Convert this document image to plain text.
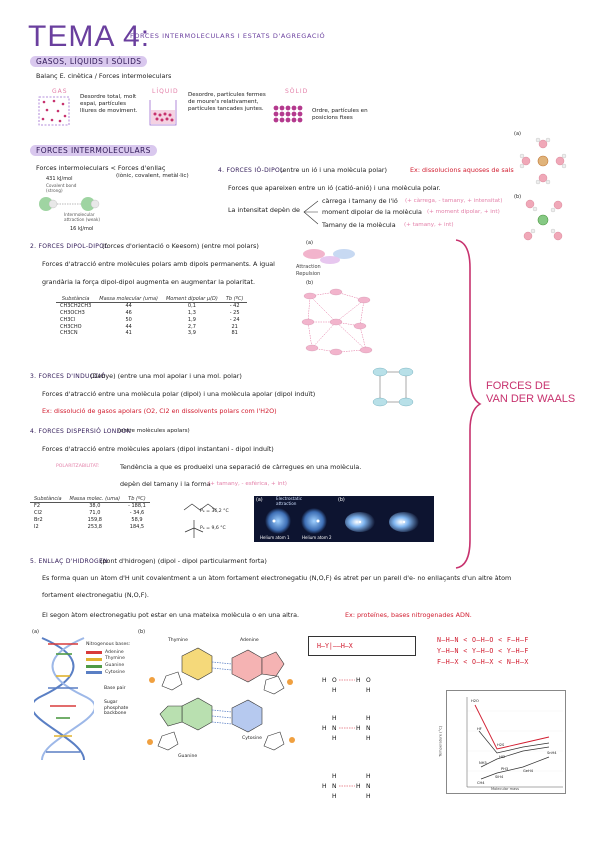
TEMA 4:
FORCES INTERMOLECULARS I ESTATS D'AGREGACIÓ
GASOS, LÍQUIDS I SÒLIDS
Balanç E. cinètica / Forces intermoleculars
GAS
Desordre total, molt espai, partícules lliures de moviment.
LÍQUID Desordre, partícules fermes de moure's relativament, partícules tancades juntes.
SÒLID
Ordre, partícules en posicions fixes
FORCES INTERMOLECULARS
Forces intermoleculars < Forces d'enllaç
(iònic, covalent, metàl·lic)
431 kJ/mol
Covalent bond (strong)
Intermolecular attraction (weak)
16 kJ/mol
4. FORCES IÓ-DIPOL
(entre un ió i una molècula polar)	Ex: dissolucions aquoses de sals
Forces que apareixen entre un ió (catió-anió) i una molècula polar.
La intensitat depèn de
càrrega i tamany de l'ió (+ càrrega, - tamany, + intensitat)
moment dipolar de la molècula (+ moment dipolar, + int)
Tamany de la molècula (+ tamany, + int)
(a)
(b)
2. FORCES DIPOL-DIPOL
(forces d'orientació o Keesom) (entre mol polars)
Forces d'atracció entre molècules polars amb dipols permanents. A igual
grandària la força dipol-dipol augmenta en augmentar la polaritat.
Substància	Massa molecular (uma)	Moment dipolar μ(D)	Tb (ºC)
CH3CH2CH3	44	0,1	- 42
CH3OCH3	46	1,3	- 25
CH3Cl	50	1,9	- 24
CH3CHO	44	2,7	21
CH3CN	41	3,9	81
(a)
Attraction
Repulsion
(b)
FORCES DE
VAN DER WAALS
3. FORCES D'INDUCCIÓ
(Debye) (entre una mol apolar i una mol. polar)
Forces d'atracció entre una molècula polar (dipol) i una molècula apolar (dipol induït)
Ex: dissolució de gasos apolars (O2, Cl2 en dissolvents polars com l'H2O)
4. FORCES DISPERSIÓ LONDON
(entre molècules apolars)
Forces d'atracció entre molècules apolars (dipol instantani - dipol induït)
POLARITZABILITAT:	Tendència a que es produeixi una separació de càrregues en una molècula.
depèn del tamany i la forma
(+ tamany, - esfèrica, + int)
Substància	Massa molec. (uma)	Tb (ºC)
F2	38,0	- 188,1
Cl2	71,0	- 34,6
Br2	159,8	58,9
I2	253,8	184,5
Pₑ = 36,2 °C
Pₑ = 9,6 °C
(a)	(b)
Electrostatic attraction
Helium atom 1	Helium atom 2
5. ENLLAÇ D'HIDROGEN
(pont d'hidrogen) (dipol - dipol particularment forta)
Es forma quan un àtom d'H unit covalentment a un àtom fortament electronegatiu (N,O,F) és atret per un parell d'e- no enllaçants d'un altre àtom
fortament electronegatiu (N,O,F).
El segon àtom electronegatiu pot estar en una mateixa molècula o en una altra.	Ex: proteïnes, bases nitrogenades ADN.
(a)
Nitrogenous bases:
Adenine
Thymine
Guanine
Cytosine
Base pair
Sugar phosphate backbone
(b)
Thymine	Adenine
Guanine
Cytosine
H—Y|——H—X
H O	H O
H	H
H N	H N
H
H
H
H
H N	H N
H
H
H
H
N—H—N < O—H—O < F—H—F
Y—H—N < Y—H—O < Y—H—F
F—H—X < O—H—X < N—H—X
Molecular mass
Temperature (°C)
H2O
HF
NH3
H2S
HCl
PH3
CH4
SiH4
GeH4
SnH4
